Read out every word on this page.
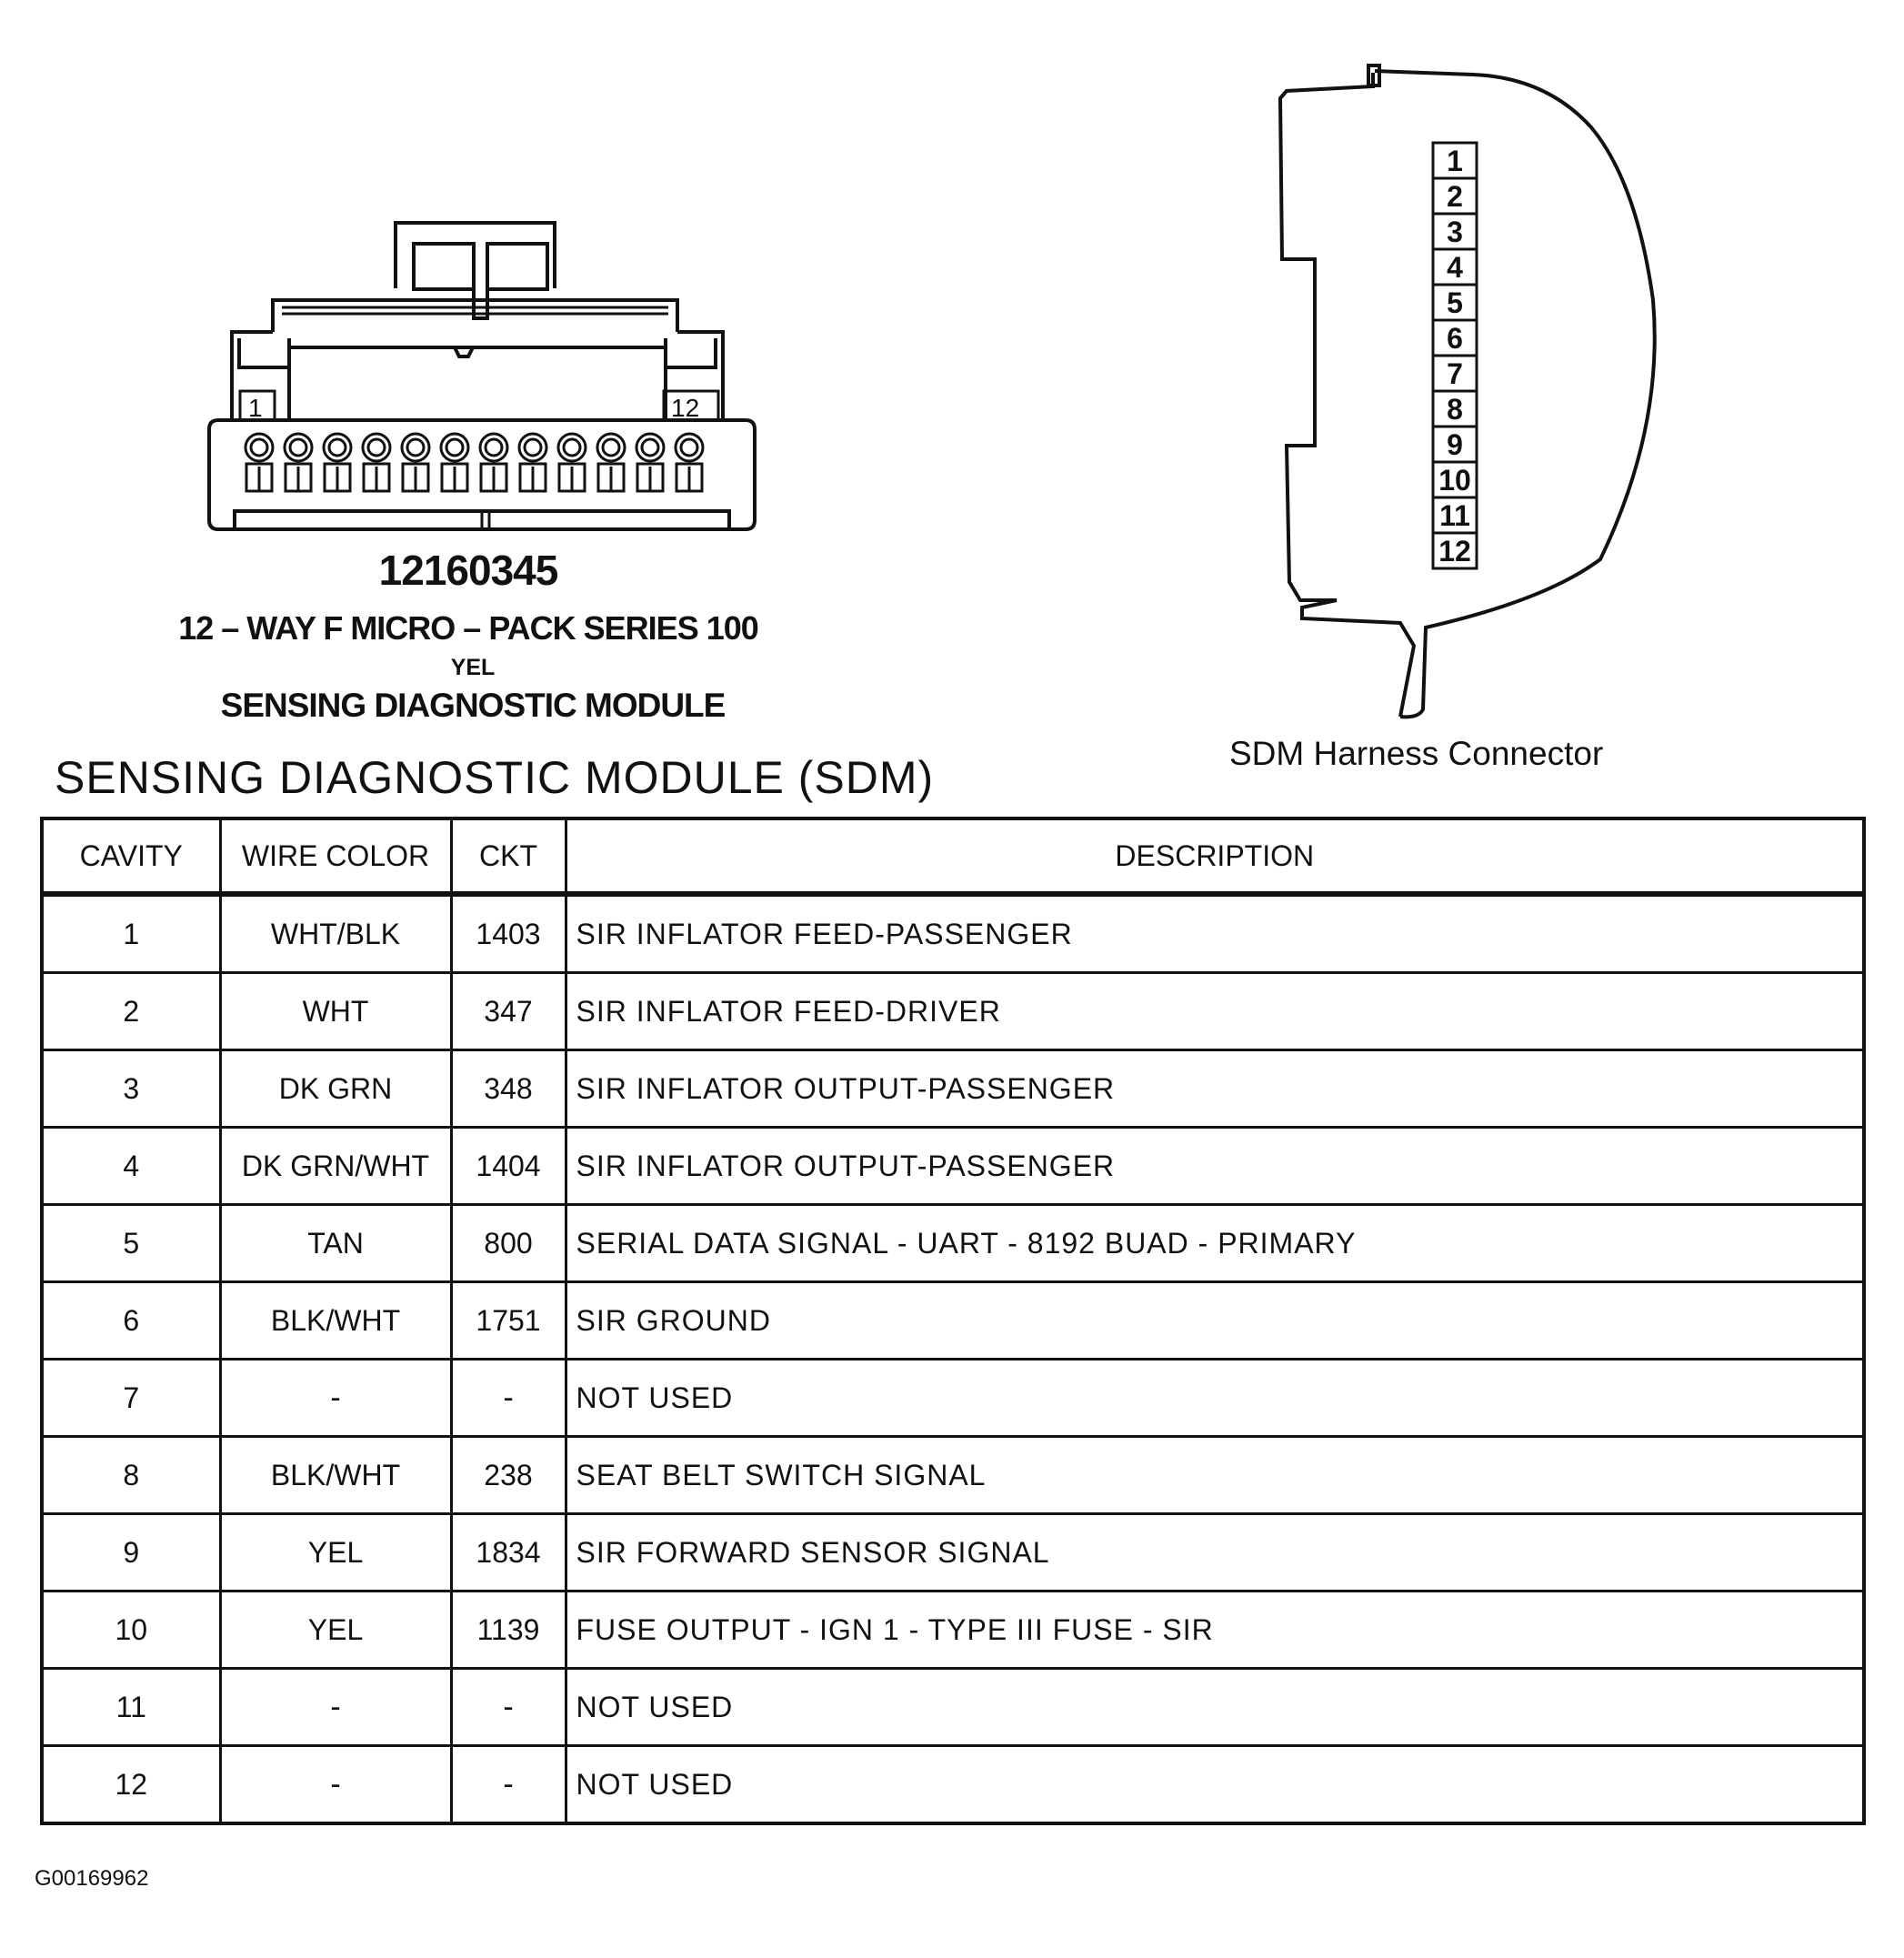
1	12
1
2
3
4
5
6
7
8
9
10
11
12
12160345
12 – WAY F MICRO – PACK SERIES 100
YEL
SENSING DIAGNOSTIC MODULE
SENSING DIAGNOSTIC MODULE (SDM)	SDM Harness Connector
CAVITY	WIRE COLOR	CKT	DESCRIPTION
1	WHT/BLK	1403	SIR INFLATOR FEED-PASSENGER
2	WHT	347	SIR INFLATOR FEED-DRIVER
3	DK GRN	348	SIR INFLATOR OUTPUT-PASSENGER
4	DK GRN/WHT	1404	SIR INFLATOR OUTPUT-PASSENGER
5	TAN	800	SERIAL DATA SIGNAL - UART - 8192 BUAD - PRIMARY
6	BLK/WHT	1751	SIR GROUND
7	-	-	NOT USED
8	BLK/WHT	238	SEAT BELT SWITCH SIGNAL
9	YEL	1834	SIR FORWARD SENSOR SIGNAL
10	YEL	1139	FUSE OUTPUT - IGN 1 - TYPE III FUSE - SIR
11	-	-	NOT USED
12	-	-	NOT USED
G00169962
